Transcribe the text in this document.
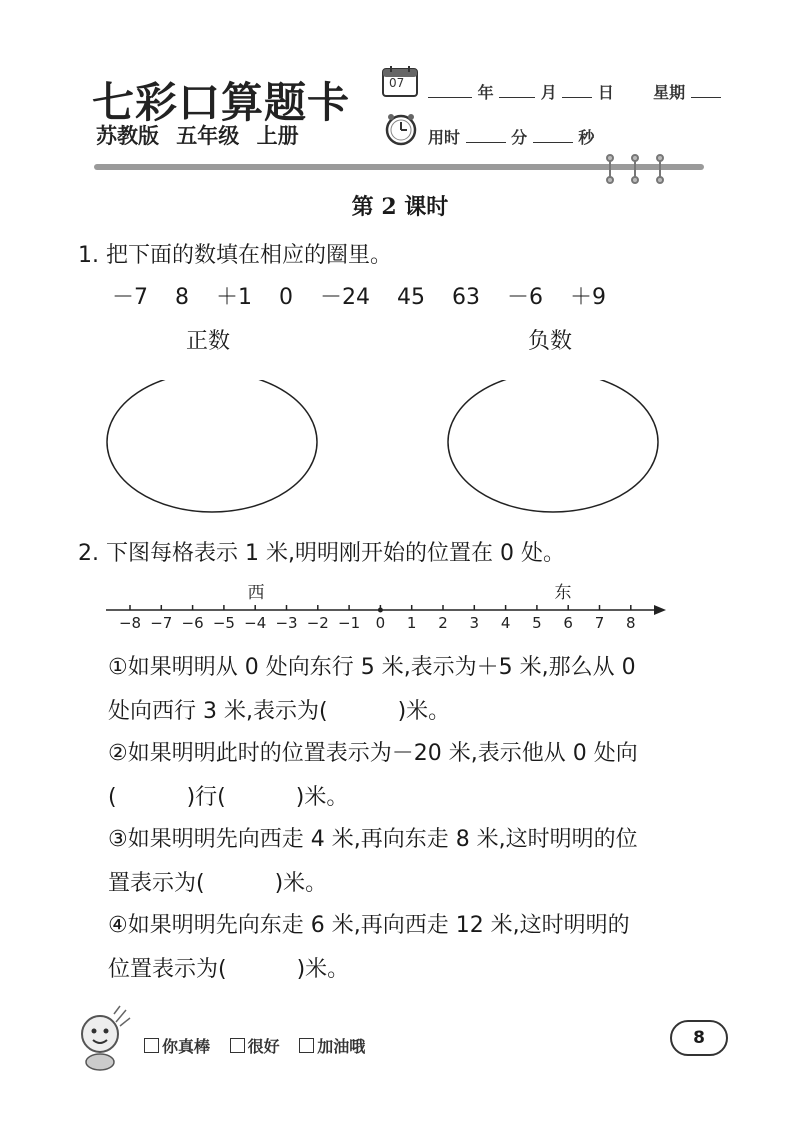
七彩口算题卡
苏教版 五年级 上册
07	年	月	日 星期
用时	分	秒
第 2 课时
1. 把下面的数填在相应的圈里。
－7 8 ＋1 0 －24 45 63 －6 ＋9
正数	负数
2. 下图每格表示 1 米,明明刚开始的位置在 0 处。
西	东
−8 −7 −6 −5 −4 −3 −2 −1 0 1 2 3 4 5 6 7 8
①如果明明从 0 处向东行 5 米,表示为＋5 米,那么从 0
处向西行 3 米,表示为(	)米。
②如果明明此时的位置表示为－20 米,表示他从 0 处向
(	)行(	)米。
③如果明明先向西走 4 米,再向东走 8 米,这时明明的位
置表示为(	)米。
④如果明明先向东走 6 米,再向西走 12 米,这时明明的
位置表示为(	)米。
你真棒 很好 加油哦	8
